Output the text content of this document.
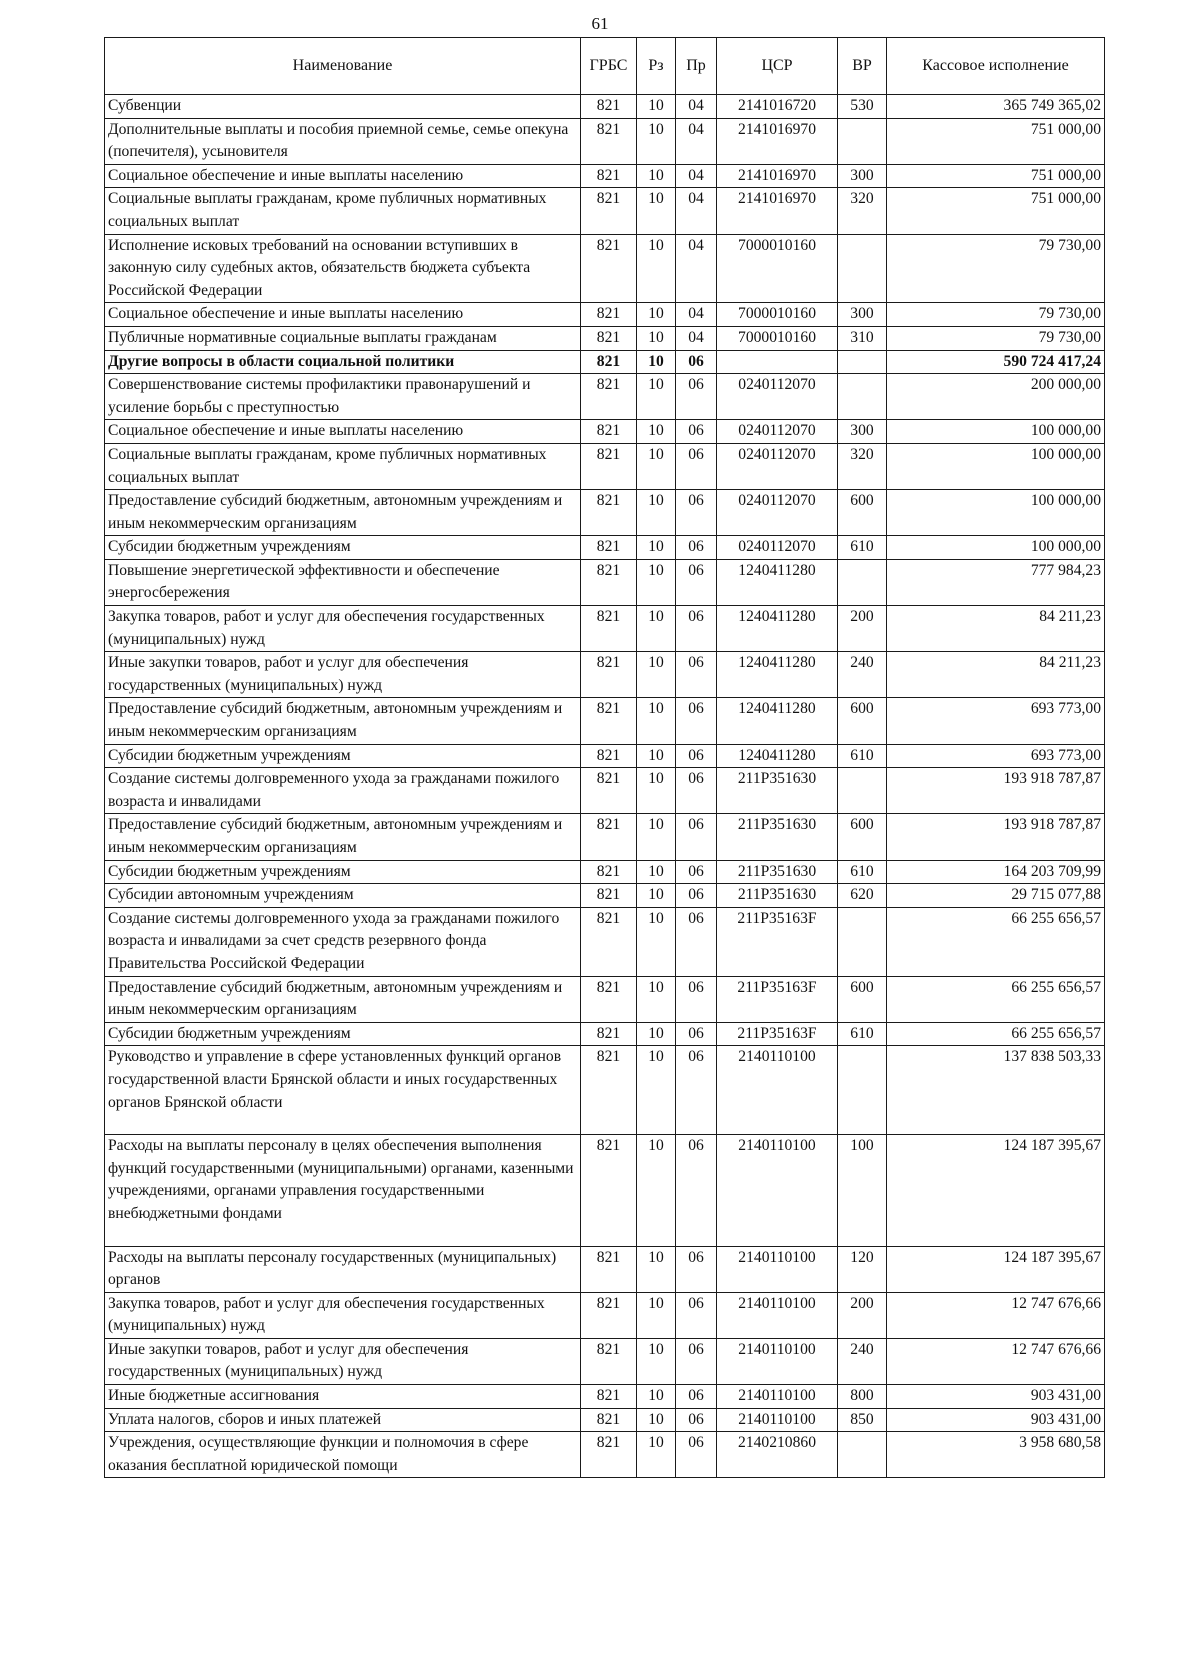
61
Наименование	ГРБС	Рз	Пр	ЦСР	ВР	Кассовое исполнение
Субвенции	821	10	04	2141016720	530	365 749 365,02
Дополнительные выплаты и пособия приемной семье, семье опекуна (попечителя), усыновителя	821	10	04	2141016970		751 000,00
Социальное обеспечение и иные выплаты населению	821	10	04	2141016970	300	751 000,00
Социальные выплаты гражданам, кроме публичных нормативных социальных выплат	821	10	04	2141016970	320	751 000,00
Исполнение исковых требований на основании вступивших в законную силу судебных актов, обязательств бюджета субъекта Российской Федерации	821	10	04	7000010160		79 730,00
Социальное обеспечение и иные выплаты населению	821	10	04	7000010160	300	79 730,00
Публичные нормативные социальные выплаты гражданам	821	10	04	7000010160	310	79 730,00
Другие вопросы в области социальной политики	821	10	06			590 724 417,24
Совершенствование системы профилактики правонарушений и усиление борьбы с преступностью	821	10	06	0240112070		200 000,00
Социальное обеспечение и иные выплаты населению	821	10	06	0240112070	300	100 000,00
Социальные выплаты гражданам, кроме публичных нормативных социальных выплат	821	10	06	0240112070	320	100 000,00
Предоставление субсидий бюджетным, автономным учреждениям и иным некоммерческим организациям	821	10	06	0240112070	600	100 000,00
Субсидии бюджетным учреждениям	821	10	06	0240112070	610	100 000,00
Повышение энергетической эффективности и обеспечение энергосбережения	821	10	06	1240411280		777 984,23
Закупка товаров, работ и услуг для обеспечения государственных (муниципальных) нужд	821	10	06	1240411280	200	84 211,23
Иные закупки товаров, работ и услуг для обеспечения государственных (муниципальных) нужд	821	10	06	1240411280	240	84 211,23
Предоставление субсидий бюджетным, автономным учреждениям и иным некоммерческим организациям	821	10	06	1240411280	600	693 773,00
Субсидии бюджетным учреждениям	821	10	06	1240411280	610	693 773,00
Создание системы долговременного ухода за гражданами пожилого возраста и инвалидами	821	10	06	211P351630		193 918 787,87
Предоставление субсидий бюджетным, автономным учреждениям и иным некоммерческим организациям	821	10	06	211P351630	600	193 918 787,87
Субсидии бюджетным учреждениям	821	10	06	211P351630	610	164 203 709,99
Субсидии автономным учреждениям	821	10	06	211P351630	620	29 715 077,88
Создание системы долговременного ухода за гражданами пожилого возраста и инвалидами за счет средств резервного фонда Правительства Российской Федерации	821	10	06	211P35163F		66 255 656,57
Предоставление субсидий бюджетным, автономным учреждениям и иным некоммерческим организациям	821	10	06	211P35163F	600	66 255 656,57
Субсидии бюджетным учреждениям	821	10	06	211P35163F	610	66 255 656,57
Руководство и управление в сфере установленных функций органов государственной власти Брянской области и иных государственных органов Брянской области	821	10	06	2140110100		137 838 503,33
Расходы на выплаты персоналу в целях обеспечения выполнения функций государственными (муниципальными) органами, казенными учреждениями, органами управления государственными внебюджетными фондами	821	10	06	2140110100	100	124 187 395,67
Расходы на выплаты персоналу государственных (муниципальных) органов	821	10	06	2140110100	120	124 187 395,67
Закупка товаров, работ и услуг для обеспечения государственных (муниципальных) нужд	821	10	06	2140110100	200	12 747 676,66
Иные закупки товаров, работ и услуг для обеспечения государственных (муниципальных) нужд	821	10	06	2140110100	240	12 747 676,66
Иные бюджетные ассигнования	821	10	06	2140110100	800	903 431,00
Уплата налогов, сборов и иных платежей	821	10	06	2140110100	850	903 431,00
Учреждения, осуществляющие функции и полномочия в сфере оказания бесплатной юридической помощи	821	10	06	2140210860		3 958 680,58
